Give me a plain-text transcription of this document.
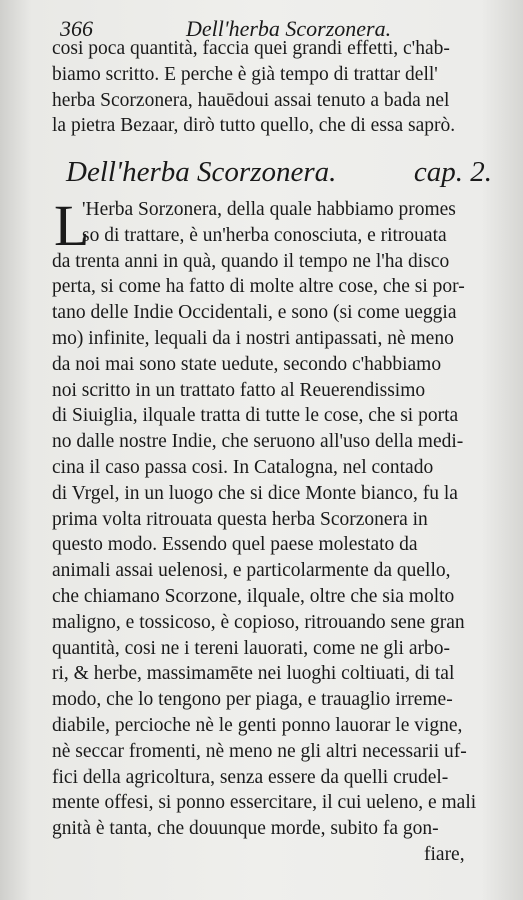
366	Dell'herba Scorzonera.
cosi poca quantità, faccia quei grandi effetti, c'hab-
biamo scritto. E perche è già tempo di trattar dell'
herba Scorzonera, hauēdoui assai tenuto a bada nel
la pietra Bezaar, dirò tutto quello, che di essa saprò.
Dell'herba Scorzonera.	cap. 2.
L
'Herba Sorzonera, della quale habbiamo promes
so di trattare, è un'herba conosciuta, e ritrouata
da trenta anni in quà, quando il tempo ne l'ha disco
perta, si come ha fatto di molte altre cose, che si por-
tano delle Indie Occidentali, e sono (si come ueggia
mo) infinite, lequali da i nostri antipassati, nè meno
da noi mai sono state uedute, secondo c'habbiamo
noi scritto in un trattato fatto al Reuerendissimo
di Siuiglia, ilquale tratta di tutte le cose, che si porta
no dalle nostre Indie, che seruono all'uso della medi-
cina il caso passa cosi. In Catalogna, nel contado
di Vrgel, in un luogo che si dice Monte bianco, fu la
prima volta ritrouata questa herba Scorzonera in
questo modo. Essendo quel paese molestato da
animali assai uelenosi, e particolarmente da quello,
che chiamano Scorzone, ilquale, oltre che sia molto
maligno, e tossicoso, è copioso, ritrouando sene gran
quantità, cosi ne i tereni lauorati, come ne gli arbo-
ri, & herbe, massimamēte nei luoghi coltiuati, di tal
modo, che lo tengono per piaga, e trauaglio irreme-
diabile, percioche nè le genti ponno lauorar le vigne,
nè seccar fromenti, nè meno ne gli altri necessarii uf-
fici della agricoltura, senza essere da quelli crudel-
mente offesi, si ponno essercitare, il cui ueleno, e mali
gnità è tanta, che douunque morde, subito fa gon-
fiare,
